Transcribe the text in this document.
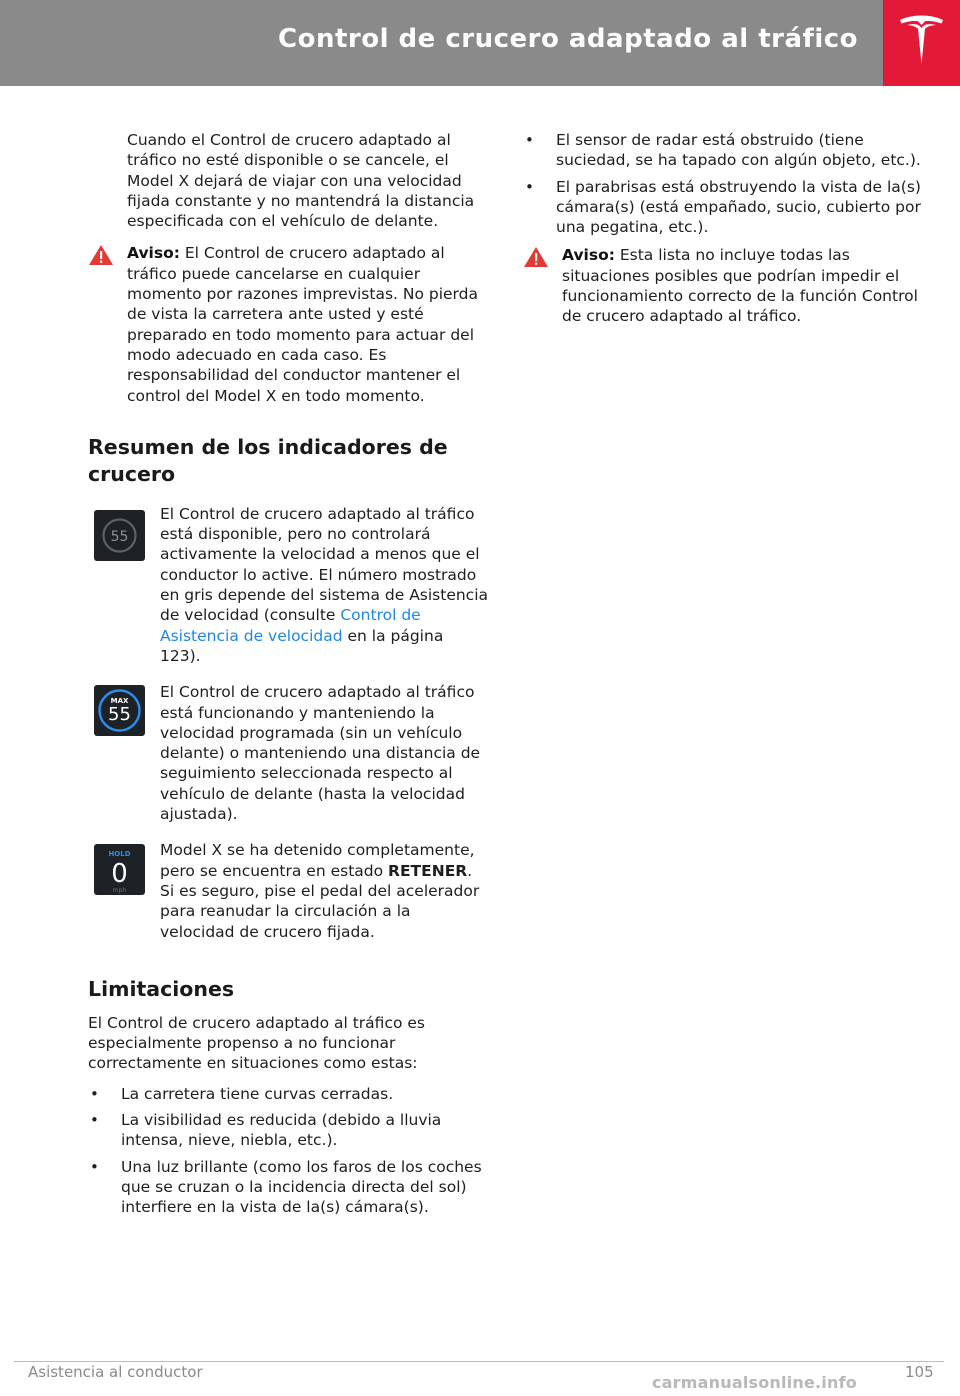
Control de crucero adaptado al tráfico

Cuando el Control de crucero adaptado al tráfico no esté disponible o se cancele, el Model X dejará de viajar con una velocidad fijada constante y no mantendrá la distancia especificada con el vehículo de delante.

Aviso: El Control de crucero adaptado al tráfico puede cancelarse en cualquier momento por razones imprevistas. No pierda de vista la carretera ante usted y esté preparado en todo momento para actuar del modo adecuado en cada caso. Es responsabilidad del conductor mantener el control del Model X en todo momento.
Resumen de los indicadores de crucero
55

El Control de crucero adaptado al tráfico está disponible, pero no controlará activamente la velocidad a menos que el conductor lo active. El número mostrado en gris depende del sistema de Asistencia de velocidad (consulte Control de Asistencia de velocidad en la página 123).

MAX
55

El Control de crucero adaptado al tráfico está funcionando y manteniendo la velocidad programada (sin un vehículo delante) o manteniendo una distancia de seguimiento seleccionada respecto al vehículo de delante (hasta la velocidad ajustada).

HOLD
0
mph

Model X se ha detenido completamente, pero se encuentra en estado RETENER. Si es seguro, pise el pedal del acelerador para reanudar la circulación a la velocidad de crucero fijada.

Limitaciones

El Control de crucero adaptado al tráfico es especialmente propenso a no funcionar correctamente en situaciones como estas:

• La carretera tiene curvas cerradas.
• La visibilidad es reducida (debido a lluvia intensa, nieve, niebla, etc.).
• Una luz brillante (como los faros de los coches que se cruzan o la incidencia directa del sol) interfiere en la vista de la(s) cámara(s).
• El sensor de radar está obstruido (tiene suciedad, se ha tapado con algún objeto, etc.).
• El parabrisas está obstruyendo la vista de la(s) cámara(s) (está empañado, sucio, cubierto por una pegatina, etc.).
Aviso: Esta lista no incluye todas las situaciones posibles que podrían impedir el funcionamiento correcto de la función Control de crucero adaptado al tráfico.
Asistencia al conductor	105
carmanualsonline.info
